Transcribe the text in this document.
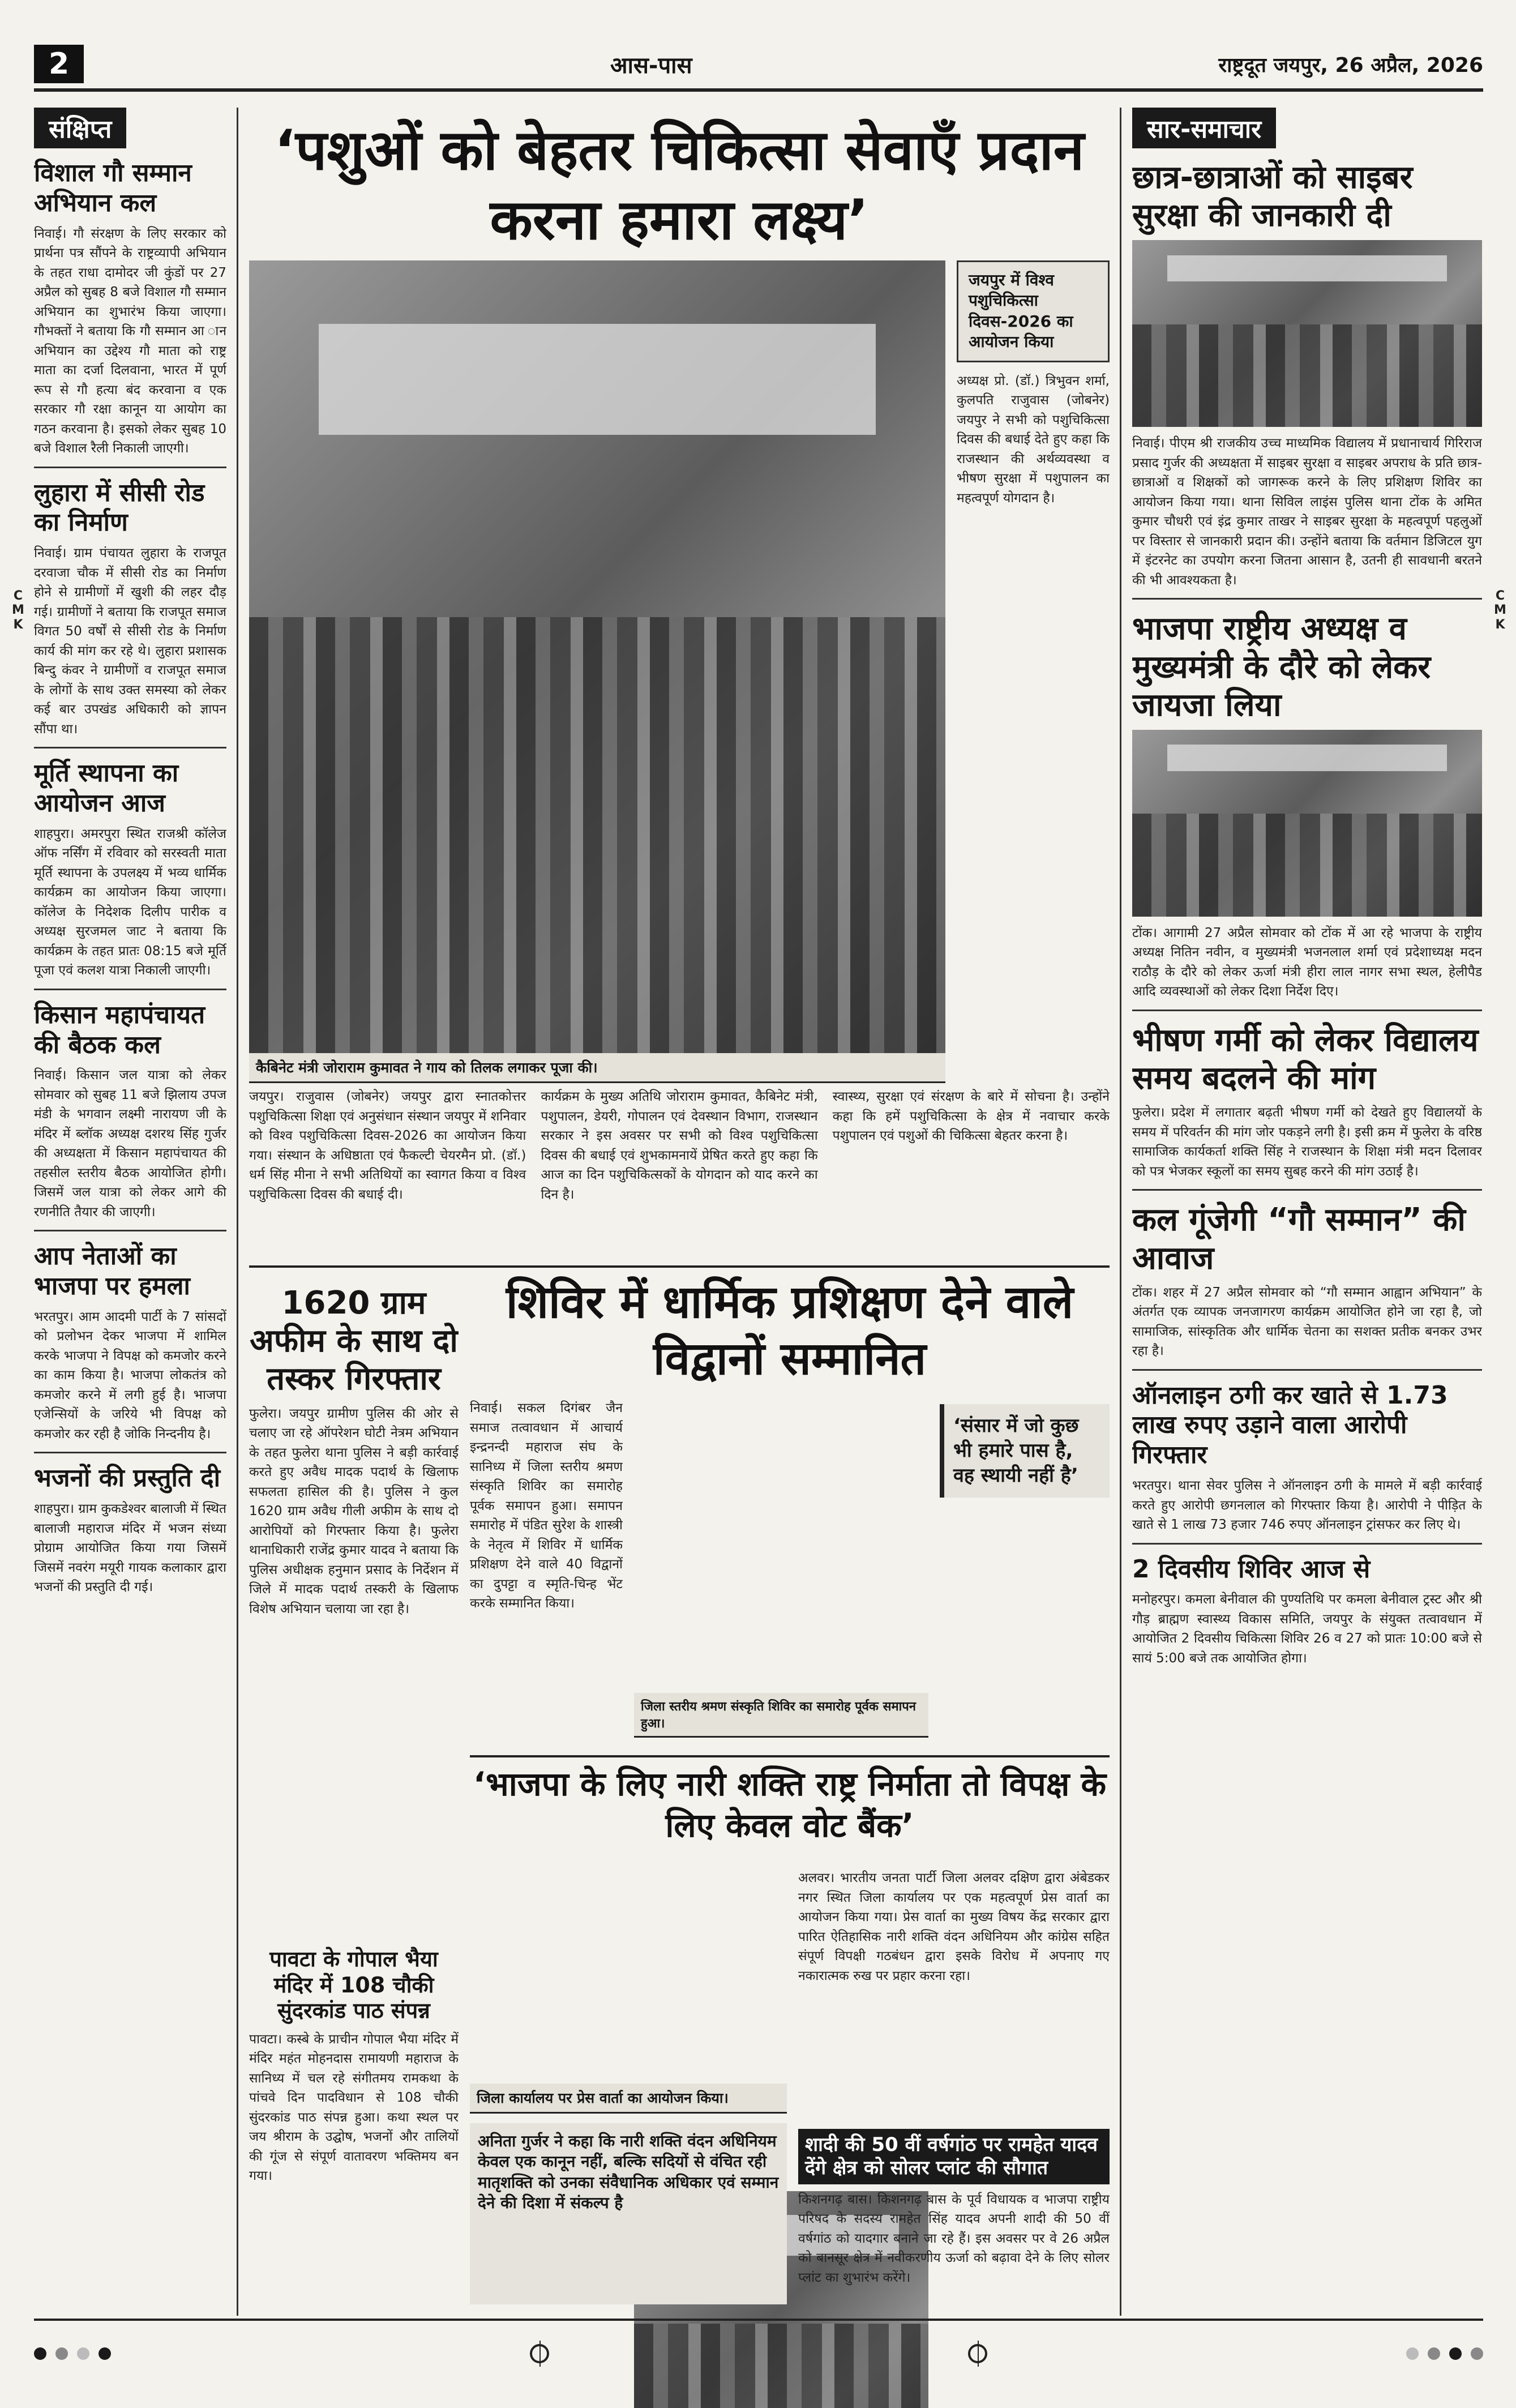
2	आस-पास	राष्ट्रदूत जयपुर, 26 अप्रैल, 2026
संक्षिप्त
विशाल गौ सम्मान अभियान कल
निवाई। गौ संरक्षण के लिए सरकार को प्रार्थना पत्र सौंपने के राष्ट्रव्यापी अभियान के तहत राधा दामोदर जी कुंडों पर 27 अप्रैल को सुबह 8 बजे विशाल गौ सम्मान अभियान का शुभारंभ किया जाएगा। गौभक्तों ने बताया कि गौ सम्मान आ ान अभियान का उद्देश्य गौ माता को राष्ट्र माता का दर्जा दिलवाना, भारत में पूर्ण रूप से गौ हत्या बंद करवाना व एक सरकार गौ रक्षा कानून या आयोग का गठन करवाना है। इसको लेकर सुबह 10 बजे विशाल रैली निकाली जाएगी।
लुहारा में सीसी रोड का निर्माण
निवाई। ग्राम पंचायत लुहारा के राजपूत दरवाजा चौक में सीसी रोड का निर्माण होने से ग्रामीणों में खुशी की लहर दौड़ गई। ग्रामीणों ने बताया कि राजपूत समाज विगत 50 वर्षों से सीसी रोड के निर्माण कार्य की मांग कर रहे थे। लुहारा प्रशासक बिन्दु कंवर ने ग्रामीणों व राजपूत समाज के लोगों के साथ उक्त समस्या को लेकर कई बार उपखंड अधिकारी को ज्ञापन सौंपा था।
मूर्ति स्थापना का आयोजन आज
शाहपुरा। अमरपुरा स्थित राजश्री कॉलेज ऑफ नर्सिंग में रविवार को सरस्वती माता मूर्ति स्थापना के उपलक्ष्य में भव्य धार्मिक कार्यक्रम का आयोजन किया जाएगा। कॉलेज के निदेशक दिलीप पारीक व अध्यक्ष सुरजमल जाट ने बताया कि कार्यक्रम के तहत प्रातः 08:15 बजे मूर्ति पूजा एवं कलश यात्रा निकाली जाएगी।
किसान महापंचायत की बैठक कल
निवाई। किसान जल यात्रा को लेकर सोमवार को सुबह 11 बजे झिलाय उपज मंडी के भगवान लक्ष्मी नारायण जी के मंदिर में ब्लॉक अध्यक्ष दशरथ सिंह गुर्जर की अध्यक्षता में किसान महापंचायत की तहसील स्तरीय बैठक आयोजित होगी। जिसमें जल यात्रा को लेकर आगे की रणनीति तैयार की जाएगी।
आप नेताओं का भाजपा पर हमला
भरतपुर। आम आदमी पार्टी के 7 सांसदों को प्रलोभन देकर भाजपा में शामिल करके भाजपा ने विपक्ष को कमजोर करने का काम किया है। भाजपा लोकतंत्र को कमजोर करने में लगी हुई है। भाजपा एजेन्सियों के जरिये भी विपक्ष को कमजोर कर रही है जोकि निन्दनीय है।
भजनों की प्रस्तुति दी
शाहपुरा। ग्राम कुकडेश्वर बालाजी में स्थित बालाजी महाराज मंदिर में भजन संध्या प्रोग्राम आयोजित किया गया जिसमें जिसमें नवरंग मयूरी गायक कलाकार द्वारा भजनों की प्रस्तुति दी गई।
‘पशुओं को बेहतर चिकित्सा सेवाएँ प्रदान करना हमारा लक्ष्य’
कैबिनेट मंत्री जोराराम कुमावत ने गाय को तिलक लगाकर पूजा की।
जयपुर में विश्व पशुचिकित्सा दिवस-2026 का आयोजन किया
अध्यक्ष प्रो. (डॉ.) त्रिभुवन शर्मा, कुलपति राजुवास (जोबनेर) जयपुर ने सभी को पशुचिकित्सा दिवस की बधाई देते हुए कहा कि राजस्थान की अर्थव्यवस्था व भीषण सुरक्षा में पशुपालन का महत्वपूर्ण योगदान है।
जयपुर। राजुवास (जोबनेर) जयपुर द्वारा स्नातकोत्तर पशुचिकित्सा शिक्षा एवं अनुसंधान संस्थान जयपुर में शनिवार को विश्व पशुचिकित्सा दिवस-2026 का आयोजन किया गया। संस्थान के अधिष्ठाता एवं फैकल्टी चेयरमैन प्रो. (डॉ.) धर्म सिंह मीना ने सभी अतिथियों का स्वागत किया व विश्व पशुचिकित्सा दिवस की बधाई दी।
कार्यक्रम के मुख्य अतिथि जोराराम कुमावत, कैबिनेट मंत्री, पशुपालन, डेयरी, गोपालन एवं देवस्थान विभाग, राजस्थान सरकार ने इस अवसर पर सभी को विश्व पशुचिकित्सा दिवस की बधाई एवं शुभकामनायें प्रेषित करते हुए कहा कि आज का दिन पशुचिकित्सकों के योगदान को याद करने का दिन है।
स्वास्थ्य, सुरक्षा एवं संरक्षण के बारे में सोचना है। उन्होंने कहा कि हमें पशुचिकित्सा के क्षेत्र में नवाचार करके पशुपालन एवं पशुओं की चिकित्सा बेहतर करना है।
1620 ग्राम अफीम के साथ दो तस्कर गिरफ्तार
फुलेरा। जयपुर ग्रामीण पुलिस की ओर से चलाए जा रहे ऑपरेशन घोटी नेत्रम अभियान के तहत फुलेरा थाना पुलिस ने बड़ी कार्रवाई करते हुए अवैध मादक पदार्थ के खिलाफ सफलता हासिल की है। पुलिस ने कुल 1620 ग्राम अवैध गीली अफीम के साथ दो आरोपियों को गिरफ्तार किया है। फुलेरा थानाधिकारी राजेंद्र कुमार यादव ने बताया कि पुलिस अधीक्षक हनुमान प्रसाद के निर्देशन में जिले में मादक पदार्थ तस्करी के खिलाफ विशेष अभियान चलाया जा रहा है।
शिविर में धार्मिक प्रशिक्षण देने वाले विद्वानों सम्मानित
निवाई। सकल दिगंबर जैन समाज तत्वावधान में आचार्य इन्द्रनन्दी महाराज संघ के सानिध्य में जिला स्तरीय श्रमण संस्कृति शिविर का समारोह पूर्वक समापन हुआ। समापन समारोह में पंडित सुरेश के शास्त्री के नेतृत्व में शिविर में धार्मिक प्रशिक्षण देने वाले 40 विद्वानों का दुपट्टा व स्मृति-चिन्ह भेंट करके सम्मानित किया।
जिला स्तरीय श्रमण संस्कृति शिविर का समारोह पूर्वक समापन हुआ।
‘संसार में जो कुछ भी हमारे पास है, वह स्थायी नहीं है’
‘भाजपा के लिए नारी शक्ति राष्ट्र निर्माता तो विपक्ष के लिए केवल वोट बैंक’
जिला कार्यालय पर प्रेस वार्ता का आयोजन किया।
अलवर। भारतीय जनता पार्टी जिला अलवर दक्षिण द्वारा अंबेडकर नगर स्थित जिला कार्यालय पर एक महत्वपूर्ण प्रेस वार्ता का आयोजन किया गया। प्रेस वार्ता का मुख्य विषय केंद्र सरकार द्वारा पारित ऐतिहासिक नारी शक्ति वंदन अधिनियम और कांग्रेस सहित संपूर्ण विपक्षी गठबंधन द्वारा इसके विरोध में अपनाए गए नकारात्मक रुख पर प्रहार करना रहा।
अनिता गुर्जर ने कहा कि नारी शक्ति वंदन अधिनियम केवल एक कानून नहीं, बल्कि सदियों से वंचित रही मातृशक्ति को उनका संवैधानिक अधिकार एवं सम्मान देने की दिशा में संकल्प है
पावटा के गोपाल भैया मंदिर में 108 चौकी सुंदरकांड पाठ संपन्न
पावटा। कस्बे के प्राचीन गोपाल भैया मंदिर में मंदिर महंत मोहनदास रामायणी महाराज के सानिध्य में चल रहे संगीतमय रामकथा के पांचवे दिन पादविधान से 108 चौकी सुंदरकांड पाठ संपन्न हुआ। कथा स्थल पर जय श्रीराम के उद्घोष, भजनों और तालियों की गूंज से संपूर्ण वातावरण भक्तिमय बन गया।
शादी की 50 वीं वर्षगांठ पर रामहेत यादव देंगे क्षेत्र को सोलर प्लांट की सौगात
किशनगढ़ बास। किशनगढ़ बास के पूर्व विधायक व भाजपा राष्ट्रीय परिषद के सदस्य रामहेत सिंह यादव अपनी शादी की 50 वीं वर्षगांठ को यादगार बनाने जा रहे हैं। इस अवसर पर वे 26 अप्रैल को बानसूर क्षेत्र में नवीकरणीय ऊर्जा को बढ़ावा देने के लिए सोलर प्लांट का शुभारंभ करेंगे।
सार-समाचार
छात्र-छात्राओं को साइबर सुरक्षा की जानकारी दी
निवाई। पीएम श्री राजकीय उच्च माध्यमिक विद्यालय में प्रधानाचार्य गिरिराज प्रसाद गुर्जर की अध्यक्षता में साइबर सुरक्षा व साइबर अपराध के प्रति छात्र-छात्राओं व शिक्षकों को जागरूक करने के लिए प्रशिक्षण शिविर का आयोजन किया गया। थाना सिविल लाइंस पुलिस थाना टोंक के अमित कुमार चौधरी एवं इंद्र कुमार ताखर ने साइबर सुरक्षा के महत्वपूर्ण पहलुओं पर विस्तार से जानकारी प्रदान की। उन्होंने बताया कि वर्तमान डिजिटल युग में इंटरनेट का उपयोग करना जितना आसान है, उतनी ही सावधानी बरतने की भी आवश्यकता है।
भाजपा राष्ट्रीय अध्यक्ष व मुख्यमंत्री के दौरे को लेकर जायजा लिया
टोंक। आगामी 27 अप्रैल सोमवार को टोंक में आ रहे भाजपा के राष्ट्रीय अध्यक्ष नितिन नवीन, व मुख्यमंत्री भजनलाल शर्मा एवं प्रदेशाध्यक्ष मदन राठौड़ के दौरे को लेकर ऊर्जा मंत्री हीरा लाल नागर सभा स्थल, हेलीपैड आदि व्यवस्थाओं को लेकर दिशा निर्देश दिए।
भीषण गर्मी को लेकर विद्यालय समय बदलने की मांग
फुलेरा। प्रदेश में लगातार बढ़ती भीषण गर्मी को देखते हुए विद्यालयों के समय में परिवर्तन की मांग जोर पकड़ने लगी है। इसी क्रम में फुलेरा के वरिष्ठ सामाजिक कार्यकर्ता शक्ति सिंह ने राजस्थान के शिक्षा मंत्री मदन दिलावर को पत्र भेजकर स्कूलों का समय सुबह करने की मांग उठाई है।
कल गूंजेगी “गौ सम्मान” की आवाज
टोंक। शहर में 27 अप्रैल सोमवार को “गौ सम्मान आह्वान अभियान” के अंतर्गत एक व्यापक जनजागरण कार्यक्रम आयोजित होने जा रहा है, जो सामाजिक, सांस्कृतिक और धार्मिक चेतना का सशक्त प्रतीक बनकर उभर रहा है।
ऑनलाइन ठगी कर खाते से 1.73 लाख रुपए उड़ाने वाला आरोपी गिरफ्तार
भरतपुर। थाना सेवर पुलिस ने ऑनलाइन ठगी के मामले में बड़ी कार्रवाई करते हुए आरोपी छगनलाल को गिरफ्तार किया है। आरोपी ने पीड़ित के खाते से 1 लाख 73 हजार 746 रुपए ऑनलाइन ट्रांसफर कर लिए थे।
2 दिवसीय शिविर आज से
मनोहरपुर। कमला बेनीवाल की पुण्यतिथि पर कमला बेनीवाल ट्रस्ट और श्री गौड़ ब्राह्मण स्वास्थ्य विकास समिति, जयपुर के संयुक्त तत्वावधान में आयोजित 2 दिवसीय चिकित्सा शिविर 26 व 27 को प्रातः 10:00 बजे से सायं 5:00 बजे तक आयोजित होगा।
C M K
C M K
